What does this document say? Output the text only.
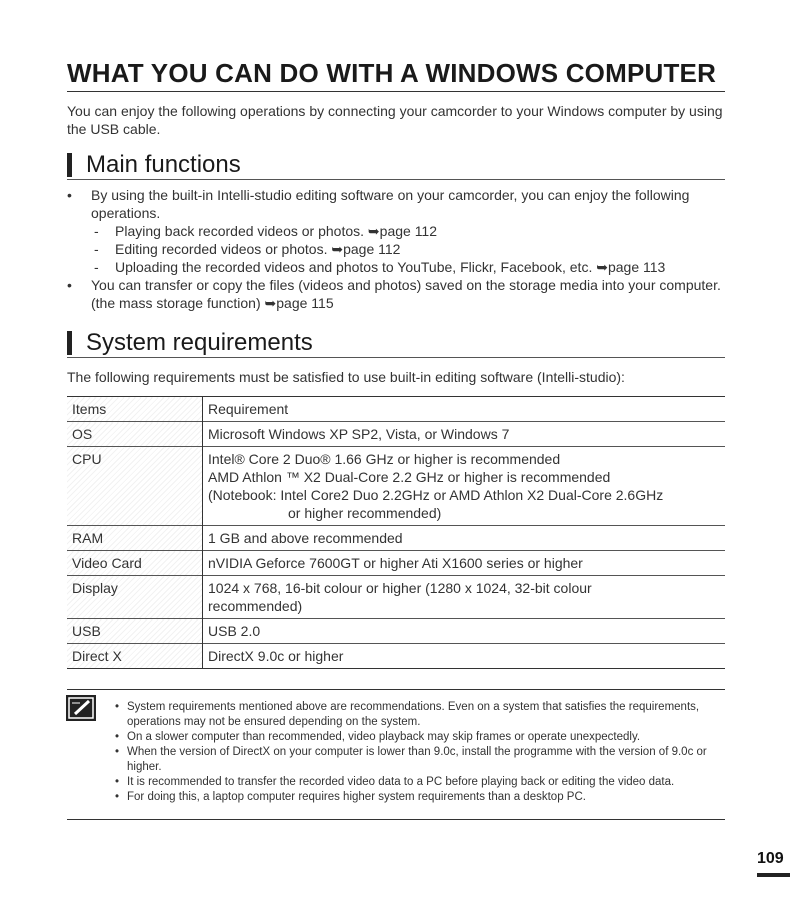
WHAT YOU CAN DO WITH A WINDOWS COMPUTER
You can enjoy the following operations by connecting your camcorder to your Windows computer by using the USB cable.
Main functions
• By using the built-in Intelli-studio editing software on your camcorder, you can enjoy the following operations.
- Playing back recorded videos or photos. ➥page 112
- Editing recorded videos or photos. ➥page 112
- Uploading the recorded videos and photos to YouTube, Flickr, Facebook, etc. ➥page 113
• You can transfer or copy the files (videos and photos) saved on the storage media into your computer. (the mass storage function) ➥page 115
System requirements
The following requirements must be satisfied to use built-in editing software (Intelli-studio):
Items	Requirement
OS	Microsoft Windows XP SP2, Vista, or Windows 7
CPU	Intel® Core 2 Duo® 1.66 GHz or higher is recommended
AMD Athlon ™ X2 Dual-Core 2.2 GHz or higher is recommended
(Notebook: Intel Core2 Duo 2.2GHz or AMD Athlon X2 Dual-Core 2.6GHz
or higher recommended)

RAM	1 GB and above recommended
Video Card	nVIDIA Geforce 7600GT or higher Ati X1600 series or higher
Display	1024 x 768, 16-bit colour or higher (1280 x 1024, 32-bit colour
recommended)

USB	USB 2.0
Direct X	DirectX 9.0c or higher
• System requirements mentioned above are recommendations. Even on a system that satisfies the requirements, operations may not be ensured depending on the system.
• On a slower computer than recommended, video playback may skip frames or operate unexpectedly.
• When the version of DirectX on your computer is lower than 9.0c, install the programme with the version of 9.0c or higher.
• It is recommended to transfer the recorded video data to a PC before playing back or editing the video data.
• For doing this, a laptop computer requires higher system requirements than a desktop PC.
109
